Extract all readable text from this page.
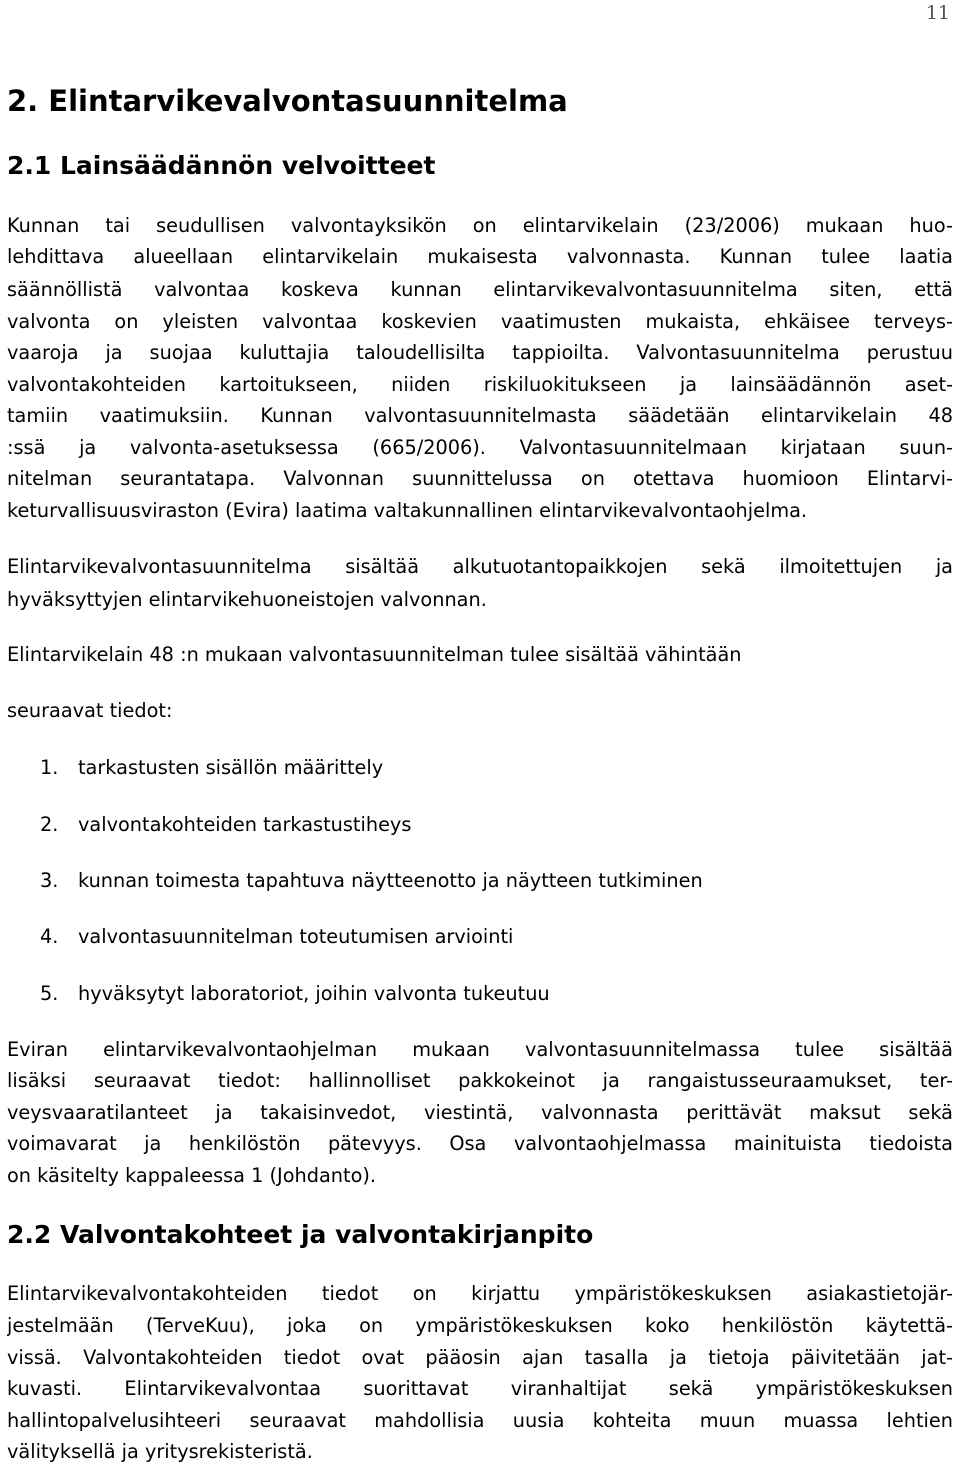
11
2. Elintarvikevalvontasuunnitelma
2.1 Lainsäädännön velvoitteet
Kunnan tai seudullisen valvontayksikön on elintarvikelain (23/2006) mukaan huo-
lehdittava alueellaan elintarvikelain mukaisesta valvonnasta. Kunnan tulee laatia
säännöllistä valvontaa koskeva kunnan elintarvikevalvontasuunnitelma siten, että
valvonta on yleisten valvontaa koskevien vaatimusten mukaista, ehkäisee terveys-
vaaroja ja suojaa kuluttajia taloudellisilta tappioilta. Valvontasuunnitelma perustuu
valvontakohteiden kartoitukseen, niiden riskiluokitukseen ja lainsäädännön aset-
tamiin vaatimuksiin. Kunnan valvontasuunnitelmasta säädetään elintarvikelain 48
:ssä ja valvonta-asetuksessa (665/2006). Valvontasuunnitelmaan kirjataan suun-
nitelman seurantatapa. Valvonnan suunnittelussa on otettava huomioon Elintarvi-
keturvallisuusviraston (Evira) laatima valtakunnallinen elintarvikevalvontaohjelma.
Elintarvikevalvontasuunnitelma sisältää alkutuotantopaikkojen sekä ilmoitettujen ja
hyväksyttyjen elintarvikehuoneistojen valvonnan.
Elintarvikelain 48 :n mukaan valvontasuunnitelman tulee sisältää vähintään
seuraavat tiedot:
1. tarkastusten sisällön määrittely
2. valvontakohteiden tarkastustiheys
3. kunnan toimesta tapahtuva näytteenotto ja näytteen tutkiminen
4. valvontasuunnitelman toteutumisen arviointi
5. hyväksytyt laboratoriot, joihin valvonta tukeutuu
Eviran elintarvikevalvontaohjelman mukaan valvontasuunnitelmassa tulee sisältää
lisäksi seuraavat tiedot: hallinnolliset pakkokeinot ja rangaistusseuraamukset, ter-
veysvaaratilanteet ja takaisinvedot, viestintä, valvonnasta perittävät maksut sekä
voimavarat ja henkilöstön pätevyys. Osa valvontaohjelmassa mainituista tiedoista
on käsitelty kappaleessa 1 (Johdanto).
2.2 Valvontakohteet ja valvontakirjanpito
Elintarvikevalvontakohteiden tiedot on kirjattu ympäristökeskuksen asiakastietojär-
jestelmään (TerveKuu), joka on ympäristökeskuksen koko henkilöstön käytettä-
vissä. Valvontakohteiden tiedot ovat pääosin ajan tasalla ja tietoja päivitetään jat-
kuvasti. Elintarvikevalvontaa suorittavat viranhaltijat sekä ympäristökeskuksen
hallintopalvelusihteeri seuraavat mahdollisia uusia kohteita muun muassa lehtien
välityksellä ja yritysrekisteristä.
